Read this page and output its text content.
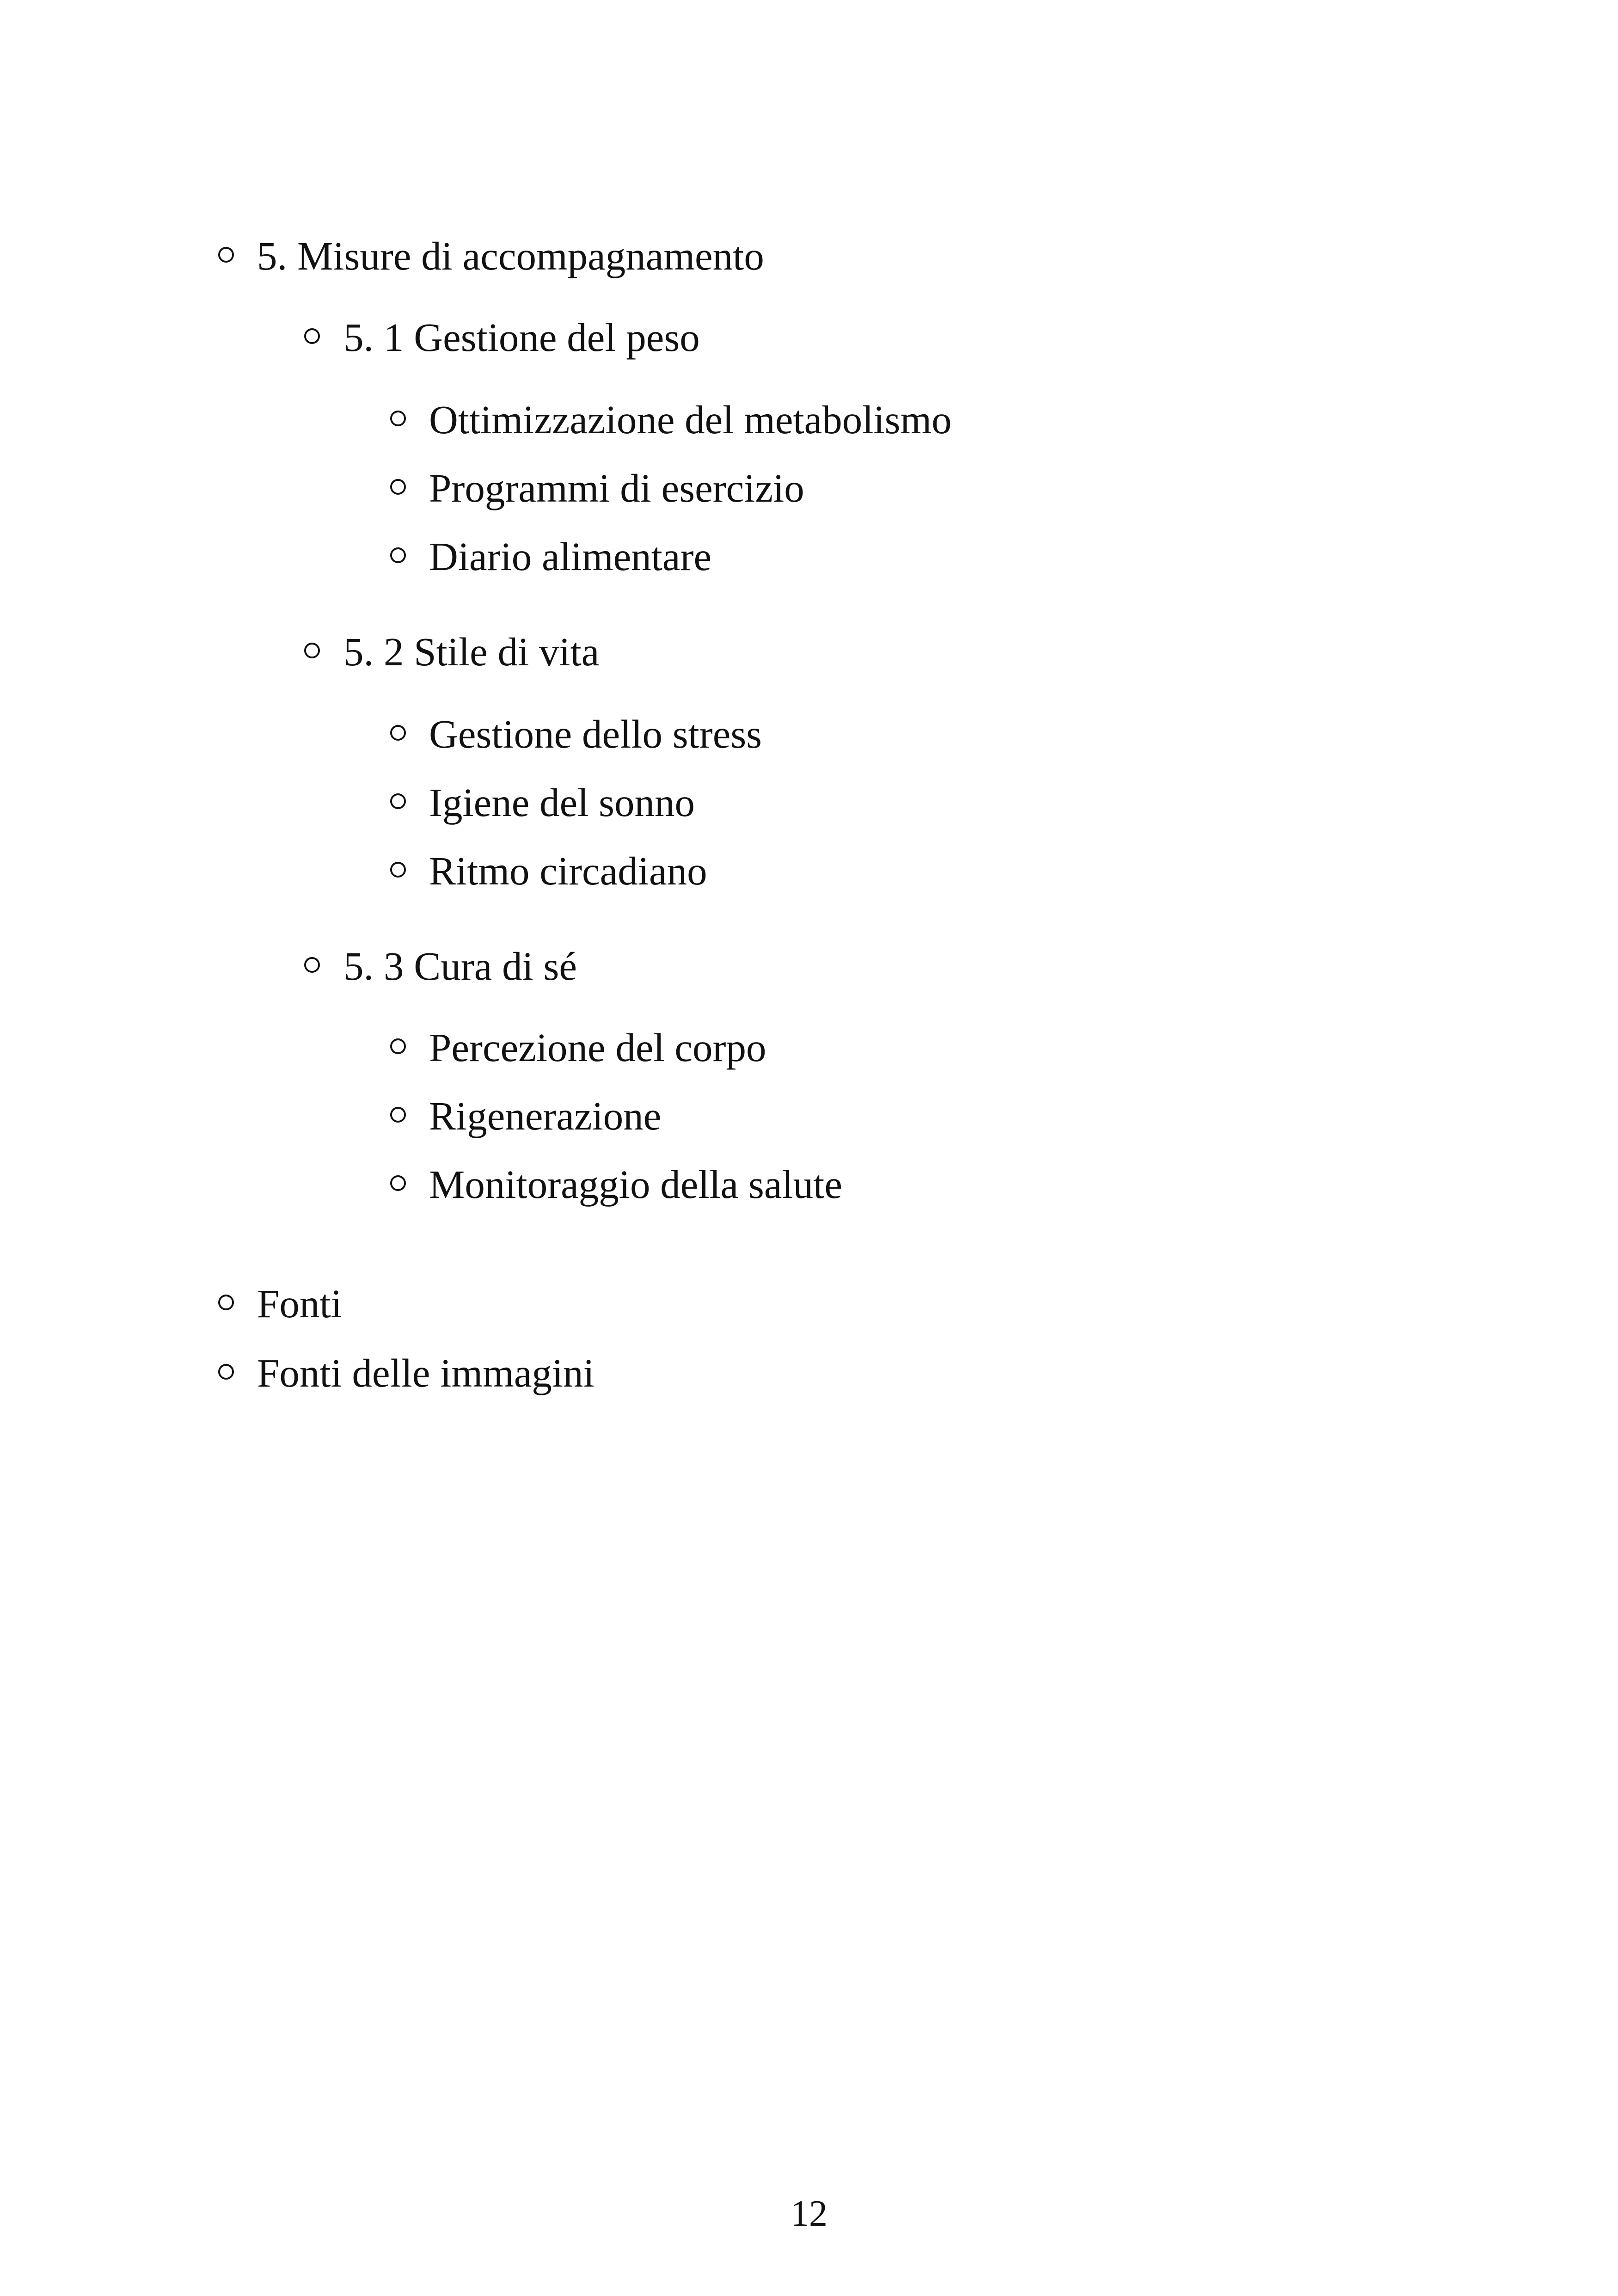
5. Misure di accompagnamento
5. 1 Gestione del peso
Ottimizzazione del metabolismo
Programmi di esercizio
Diario alimentare
5. 2 Stile di vita
Gestione dello stress
Igiene del sonno
Ritmo circadiano
5. 3 Cura di sé
Percezione del corpo
Rigenerazione
Monitoraggio della salute
Fonti
Fonti delle immagini
12
